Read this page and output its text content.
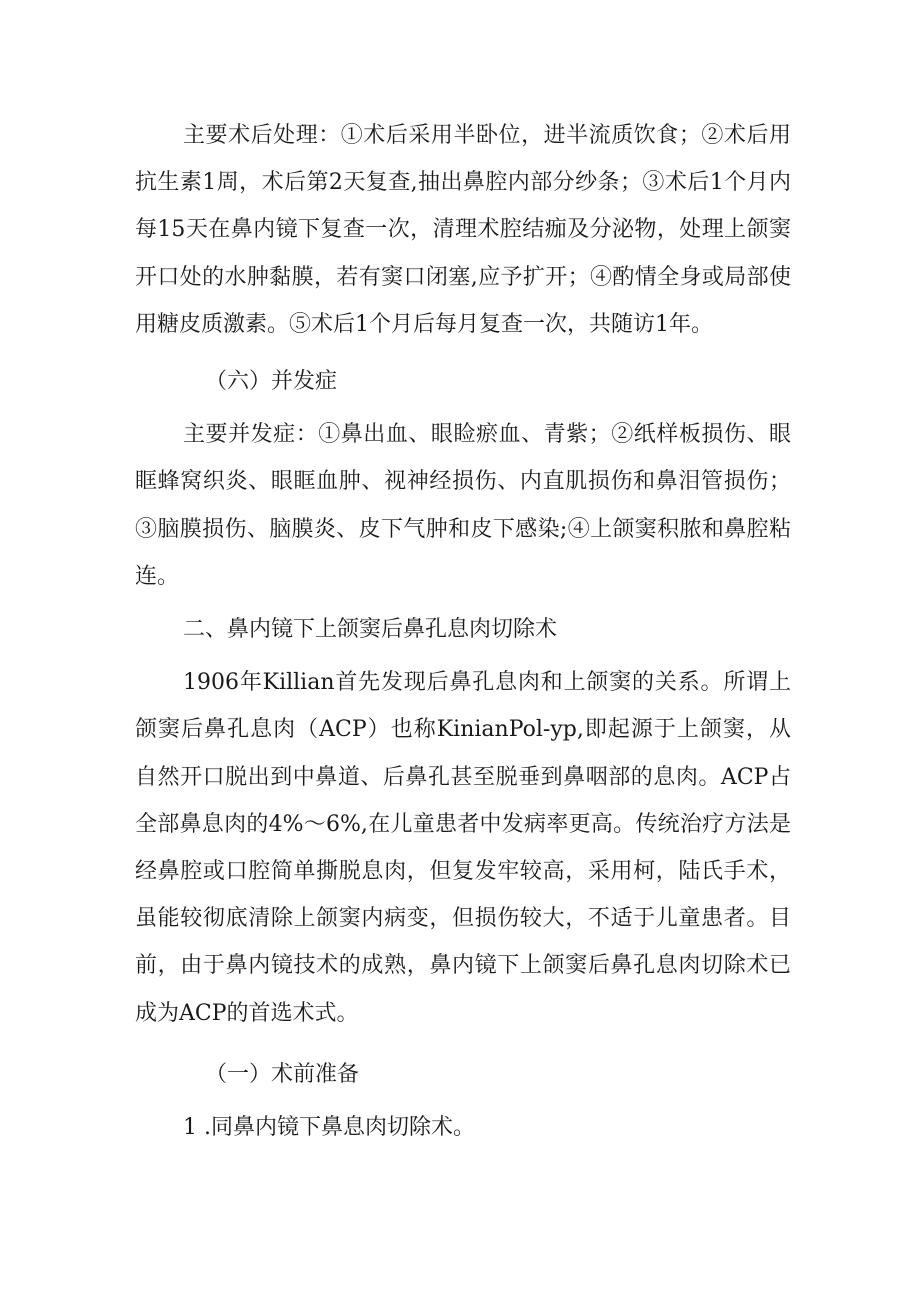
主要术后处理：①术后采用半卧位，进半流质饮食；②术后用抗生素1周，术后第2天复查,抽出鼻腔内部分纱条；③术后1个月内每15天在鼻内镜下复查一次，清理术腔结痂及分泌物，处理上颌窦开口处的水肿黏膜，若有窦口闭塞,应予扩开；④酌情全身或局部使用糖皮质激素。⑤术后1个月后每月复查一次，共随访1年。

（六）并发症

主要并发症：①鼻出血、眼睑瘀血、青紫；②纸样板损伤、眼眶蜂窝织炎、眼眶血肿、视神经损伤、内直肌损伤和鼻泪管损伤；③脑膜损伤、脑膜炎、皮下气肿和皮下感染;④上颌窦积脓和鼻腔粘连。

二、鼻内镜下上颌窦后鼻孔息肉切除术

1906年Killian首先发现后鼻孔息肉和上颌窦的关系。所谓上颌窦后鼻孔息肉（ACP）也称KinianPol-yp,即起源于上颌窦，从自然开口脱出到中鼻道、后鼻孔甚至脱垂到鼻咽部的息肉。ACP占全部鼻息肉的4%～6%,在儿童患者中发病率更高。传统治疗方法是经鼻腔或口腔简单撕脱息肉，但复发牢较高，采用柯，陆氏手术，虽能较彻底清除上颌窦内病变，但损伤较大，不适于儿童患者。目前，由于鼻内镜技术的成熟，鼻内镜下上颌窦后鼻孔息肉切除术已成为ACP的首选术式。

（一）术前准备

1 .同鼻内镜下鼻息肉切除术。
